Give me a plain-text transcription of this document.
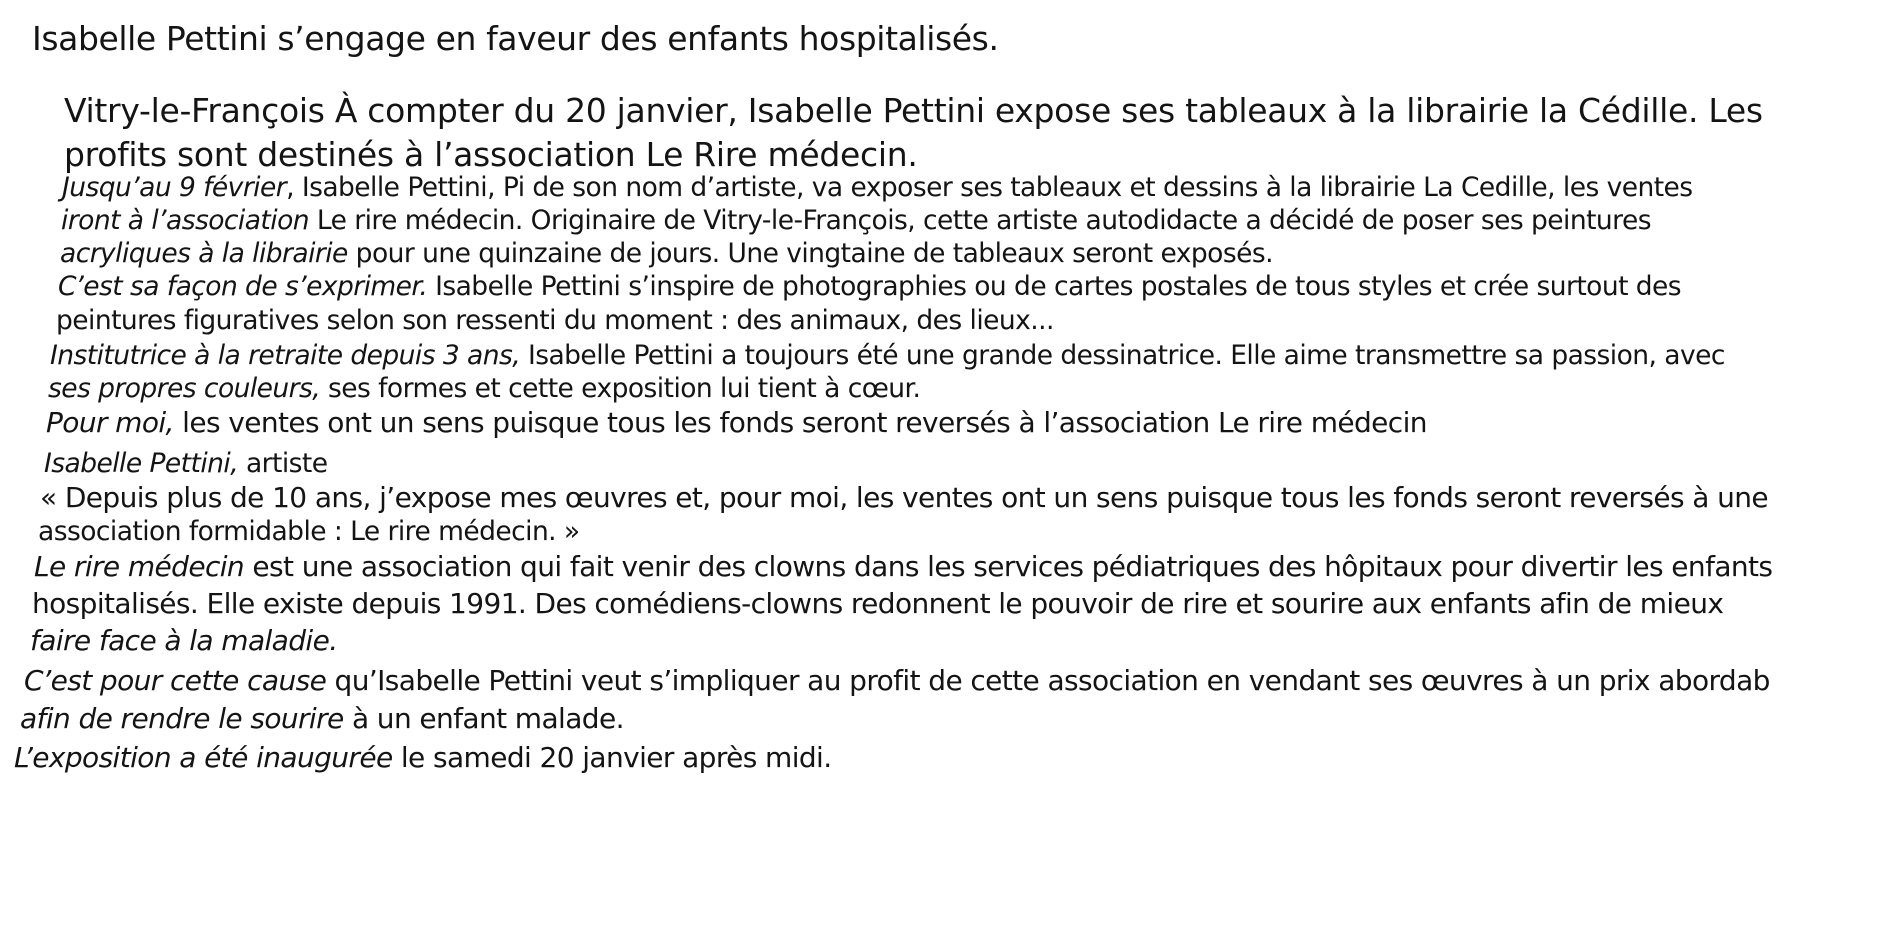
Isabelle Pettini s’engage en faveur des enfants hospitalisés.

Vitry-le-François À compter du 20 janvier, Isabelle Pettini expose ses tableaux à la librairie la Cédille. Les

profits sont destinés à l’association Le Rire médecin.

Jusqu’au 9 février, Isabelle Pettini, Pi de son nom d’artiste, va exposer ses tableaux et dessins à la librairie La Cedille, les ventes

iront à l’association Le rire médecin. Originaire de Vitry-le-François, cette artiste autodidacte a décidé de poser ses peintures

acryliques à la librairie pour une quinzaine de jours. Une vingtaine de tableaux seront exposés.

C’est sa façon de s’exprimer. Isabelle Pettini s’inspire de photographies ou de cartes postales de tous styles et crée surtout des

peintures figuratives selon son ressenti du moment : des animaux, des lieux...

Institutrice à la retraite depuis 3 ans, Isabelle Pettini a toujours été une grande dessinatrice. Elle aime transmettre sa passion, avec

ses propres couleurs, ses formes et cette exposition lui tient à cœur.

Pour moi, les ventes ont un sens puisque tous les fonds seront reversés à l’association Le rire médecin

Isabelle Pettini, artiste

« Depuis plus de 10 ans, j’expose mes œuvres et, pour moi, les ventes ont un sens puisque tous les fonds seront reversés à une

association formidable : Le rire médecin. »

Le rire médecin est une association qui fait venir des clowns dans les services pédiatriques des hôpitaux pour divertir les enfants

hospitalisés. Elle existe depuis 1991. Des comédiens-clowns redonnent le pouvoir de rire et sourire aux enfants afin de mieux

faire face à la maladie.

C’est pour cette cause qu’Isabelle Pettini veut s’impliquer au profit de cette association en vendant ses œuvres à un prix abordab

afin de rendre le sourire à un enfant malade.

L’exposition a été inaugurée le samedi 20 janvier après midi.
